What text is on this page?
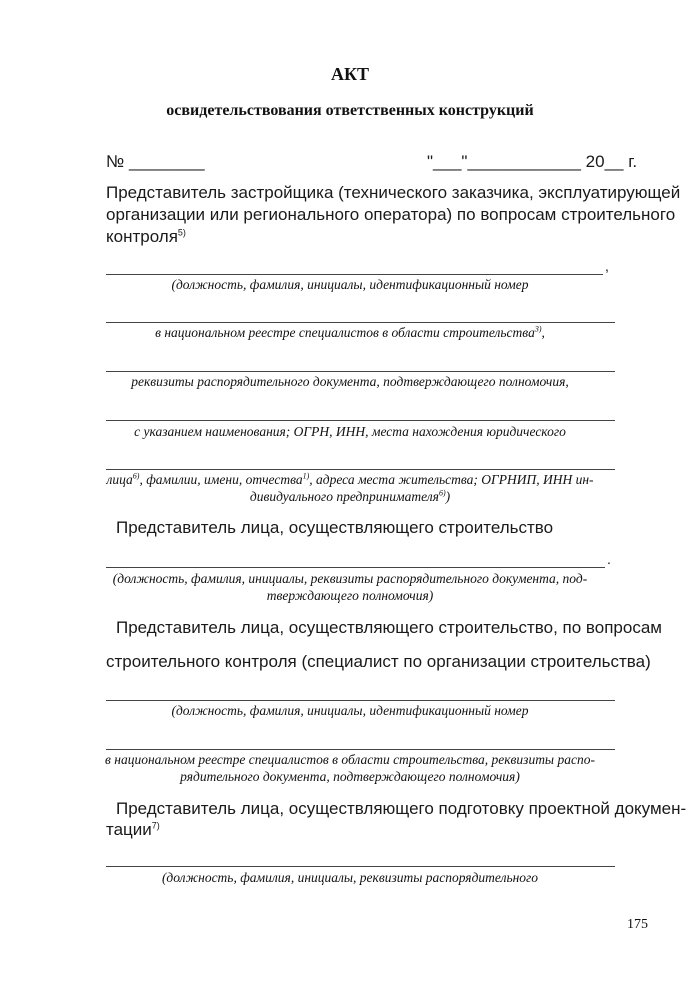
АКТ
освидетельствования ответственных конструкций
№ ________	"___"____________ 20__ г.
Представитель застройщика (технического заказчика, эксплуатирующей
организации или регионального оператора) по вопросам строительного
контроля$^{5)}$
,
(должность, фамилия, инициалы, идентификационный номер
в национальном реестре специалистов в области строительства$^{3)}$,
реквизиты распорядительного документа, подтверждающего полномочия,
с указанием наименования; ОГРН, ИНН, места нахождения юридического
лица$^{6)}$, фамилии, имени, отчества$^{1)}$, адреса места жительства; ОГРНИП, ИНН ин-
дивидуального предпринимателя$^{6)}$)
Представитель лица, осуществляющего строительство
.
(должность, фамилия, инициалы, реквизиты распорядительного документа, под-
тверждающего полномочия)
Представитель лица, осуществляющего строительство, по вопросам
строительного контроля (специалист по организации строительства)
(должность, фамилия, инициалы, идентификационный номер
в национальном реестре специалистов в области строительства, реквизиты распо-
рядительного документа, подтверждающего полномочия)
Представитель лица, осуществляющего подготовку проектной докумен-
тации$^{7)}$
(должность, фамилия, инициалы, реквизиты распорядительного
175
